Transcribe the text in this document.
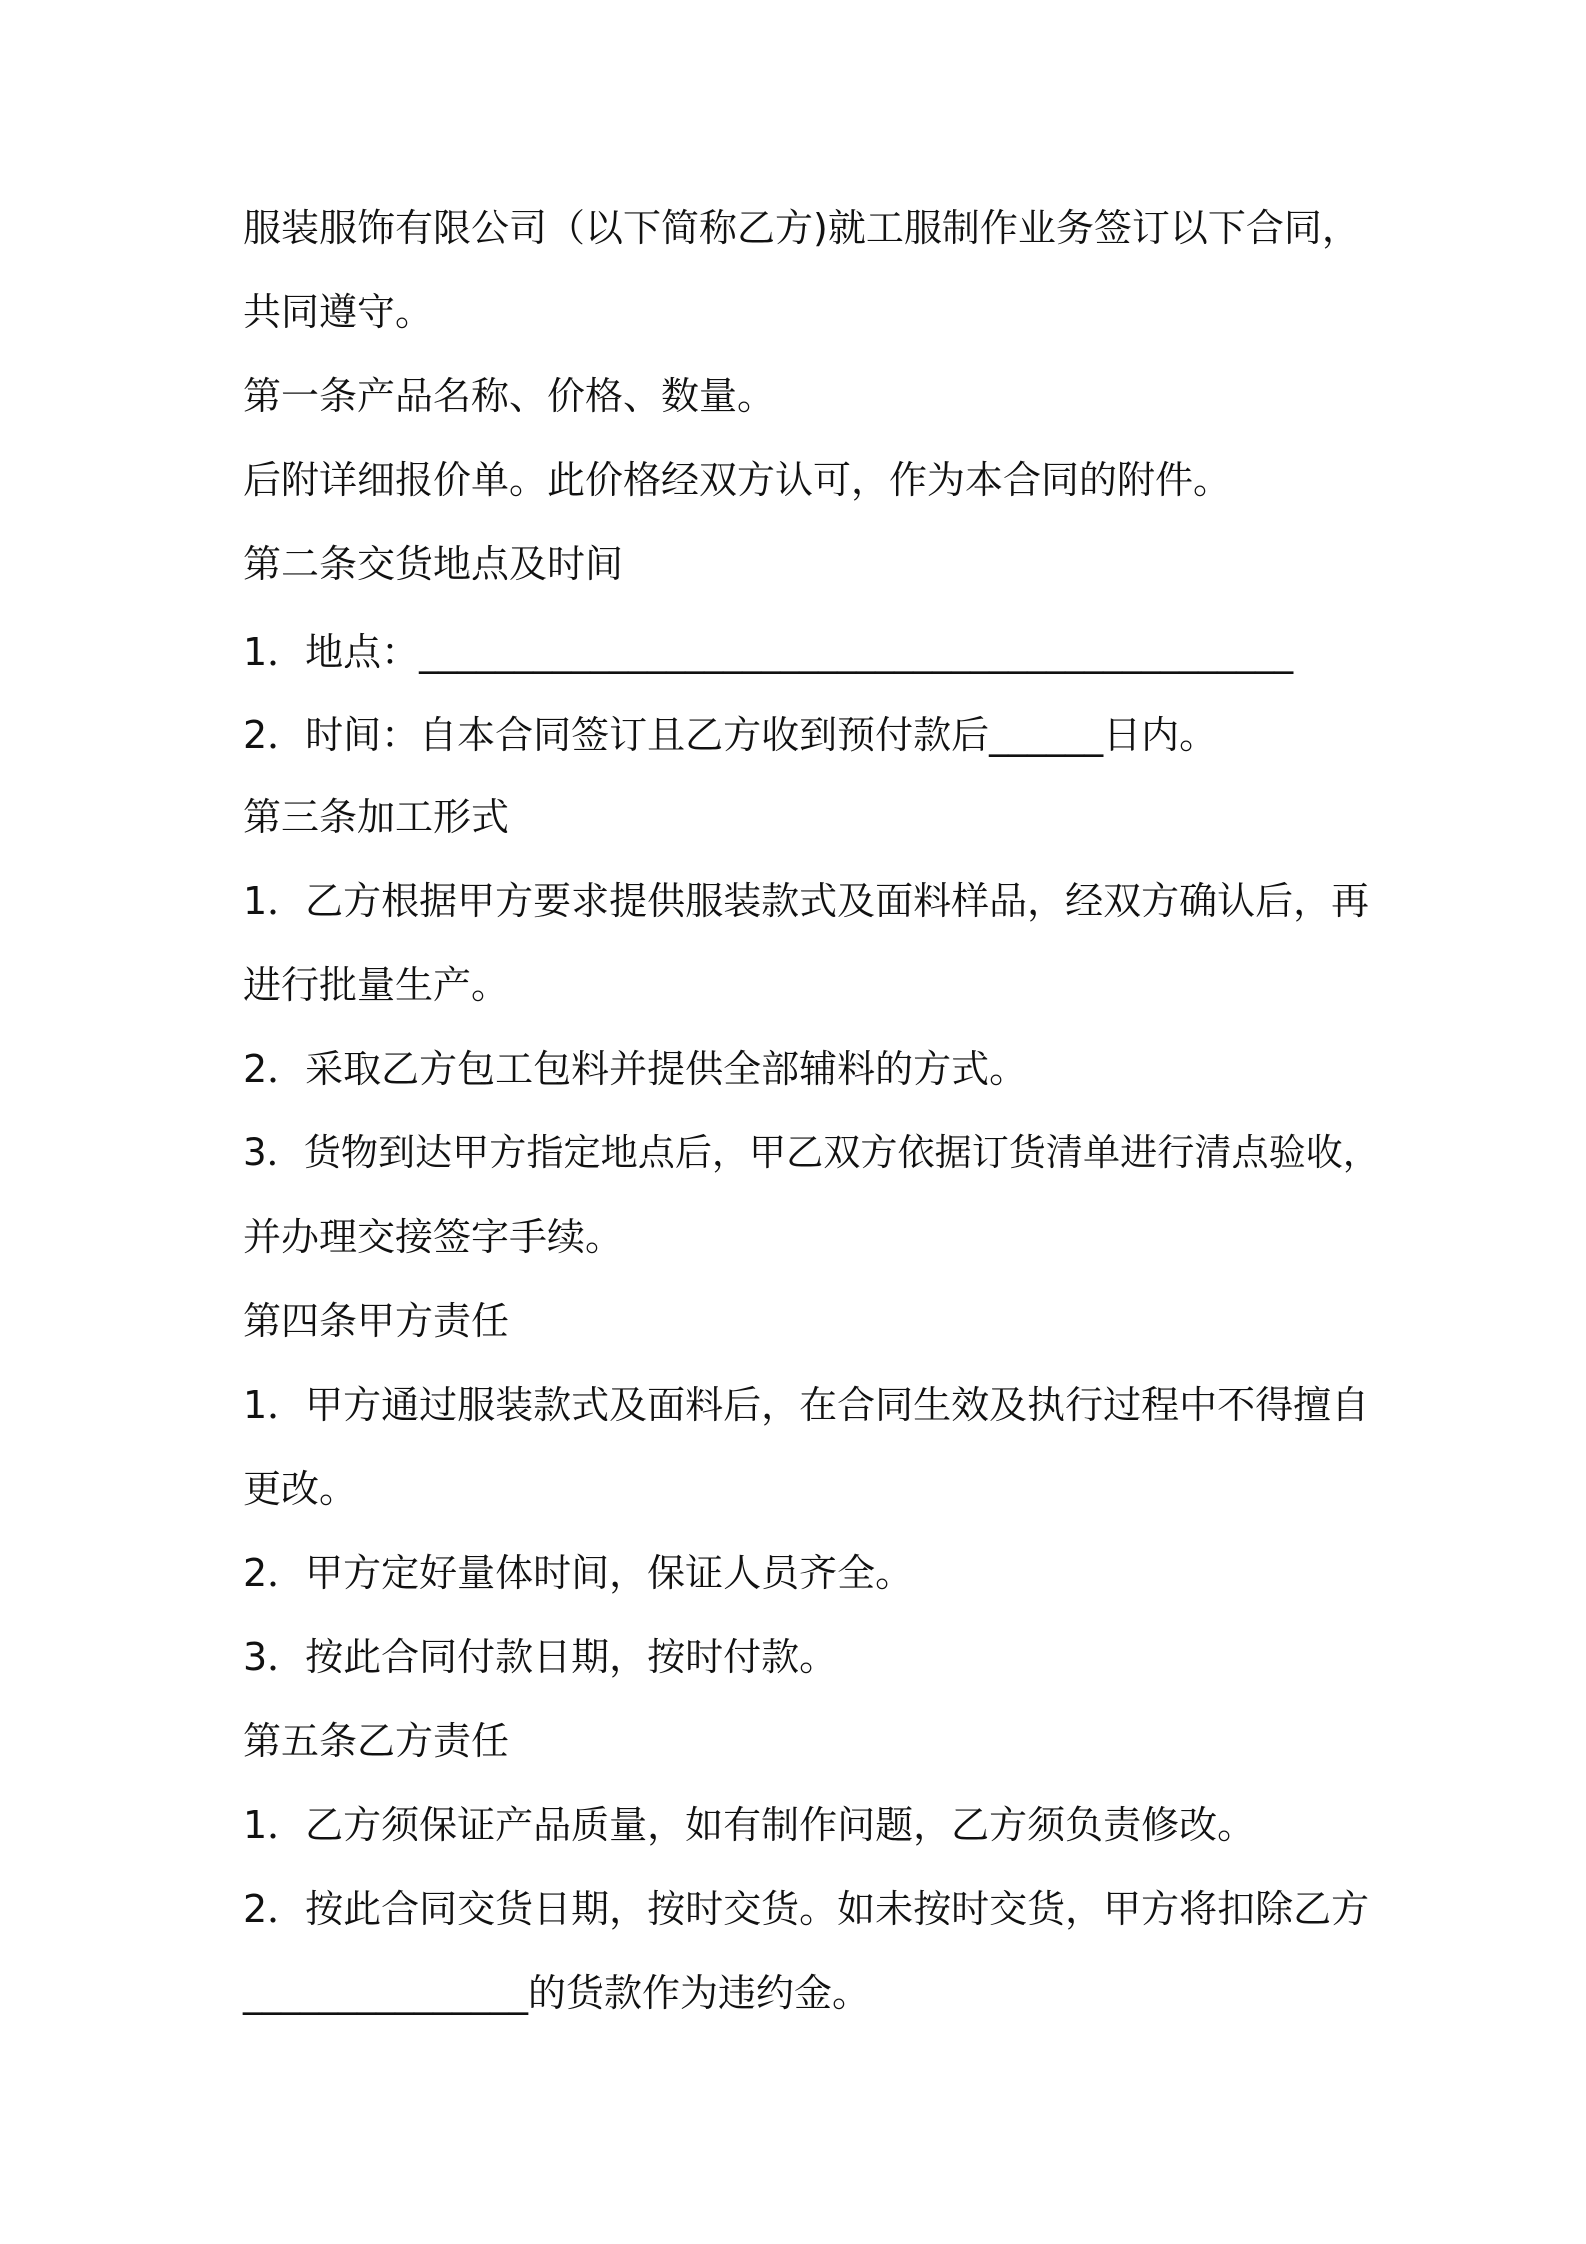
服装服饰有限公司（以下简称乙方)就工服制作业务签订以下合同，

共同遵守。

第一条产品名称、价格、数量。

后附详细报价单。此价格经双方认可，作为本合同的附件。

第二条交货地点及时间

1．地点：______________________________________________

2．时间：自本合同签订且乙方收到预付款后______日内。

第三条加工形式

1．乙方根据甲方要求提供服装款式及面料样品，经双方确认后，再

进行批量生产。

2．采取乙方包工包料并提供全部辅料的方式。

3．货物到达甲方指定地点后，甲乙双方依据订货清单进行清点验收，

并办理交接签字手续。

第四条甲方责任

1．甲方通过服装款式及面料后，在合同生效及执行过程中不得擅自

更改。

2．甲方定好量体时间，保证人员齐全。

3．按此合同付款日期，按时付款。

第五条乙方责任

1．乙方须保证产品质量，如有制作问题，乙方须负责修改。

2．按此合同交货日期，按时交货。如未按时交货，甲方将扣除乙方

_______________的货款作为违约金。
